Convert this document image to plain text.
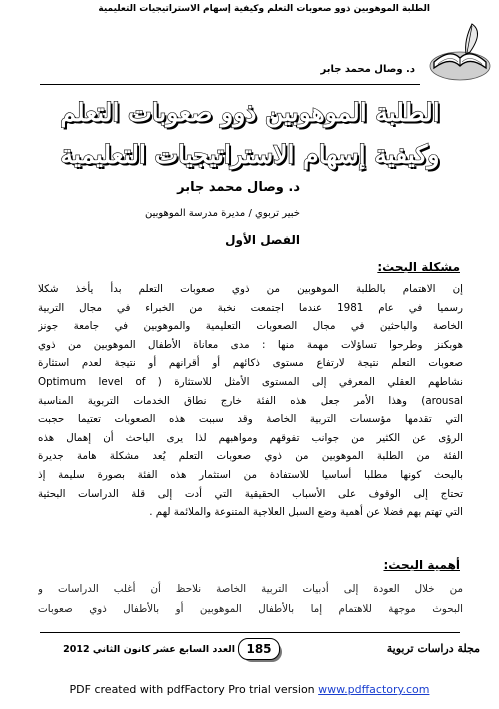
الطلبة الموهوبين ذوو صعوبات التعلم وكيفية إسهام الاستراتيجيات التعليمية
د. وصال محمد جابر
الطلبة الموهوبين ذوو صعوبات التعلم
وكيفية إسهام الاستراتيجيات التعليمية
د. وصال محمد جابر
خبير تربوي / مديرة مدرسة الموهوبين
الفصل الأول
مشكلة البحث:
إن الاهتمام بالطلبة الموهوبين من ذوي صعوبات التعلم بدأ يأخذ شكلا
رسميا في عام 1981 عندما اجتمعت نخبة من الخبراء في مجال التربية
الخاصة والباحثين في مجال الصعوبات التعليمية والموهوبين في جامعة جونز
هوبكنز وطرحوا تساؤلات مهمة منها : مدى معاناة الأطفال الموهوبين من ذوي
صعوبات التعلم نتيجة لارتفاع مستوى ذكائهم أو أقرانهم أو نتيجة لعدم استثارة
نشاطهم العقلي المعرفي إلى المستوى الأمثل للاستثارة ( Optimum level of
arousal) وهذا الأمر جعل هذه الفئة خارج نطاق الخدمات التربوية المناسبة
التي تقدمها مؤسسات التربية الخاصة وقد سببت هذه الصعوبات تعتيما حجبت
الرؤى عن الكثير من جوانب تفوقهم ومواهبهم لذا يرى الباحث أن إهمال هذه
الفئة من الطلبة الموهوبين من ذوي صعوبات التعلم يُعد مشكلة هامة جديرة
بالبحث كونها مطلبا أساسيا للاستفادة من استثمار هذه الفئة بصورة سليمة إذ
تحتاج إلى الوقوف على الأسباب الحقيقية التي أدت إلى قلة الدراسات البحثية
التي تهتم بهم فضلا عن أهمية وضع السبل العلاجية المتنوعة والملائمة لهم .
أهمية البحث:
من خلال العودة إلى أدبيات التربية الخاصة نلاحظ أن أغلب الدراسات و
البحوث موجهة للاهتمام إما بالأطفال الموهوبين أو بالأطفال ذوي صعوبات
مجلة دراسات تربوية
185
العدد السابع عشر كانون الثاني 2012
PDF created with pdfFactory Pro trial version www.pdffactory.com
